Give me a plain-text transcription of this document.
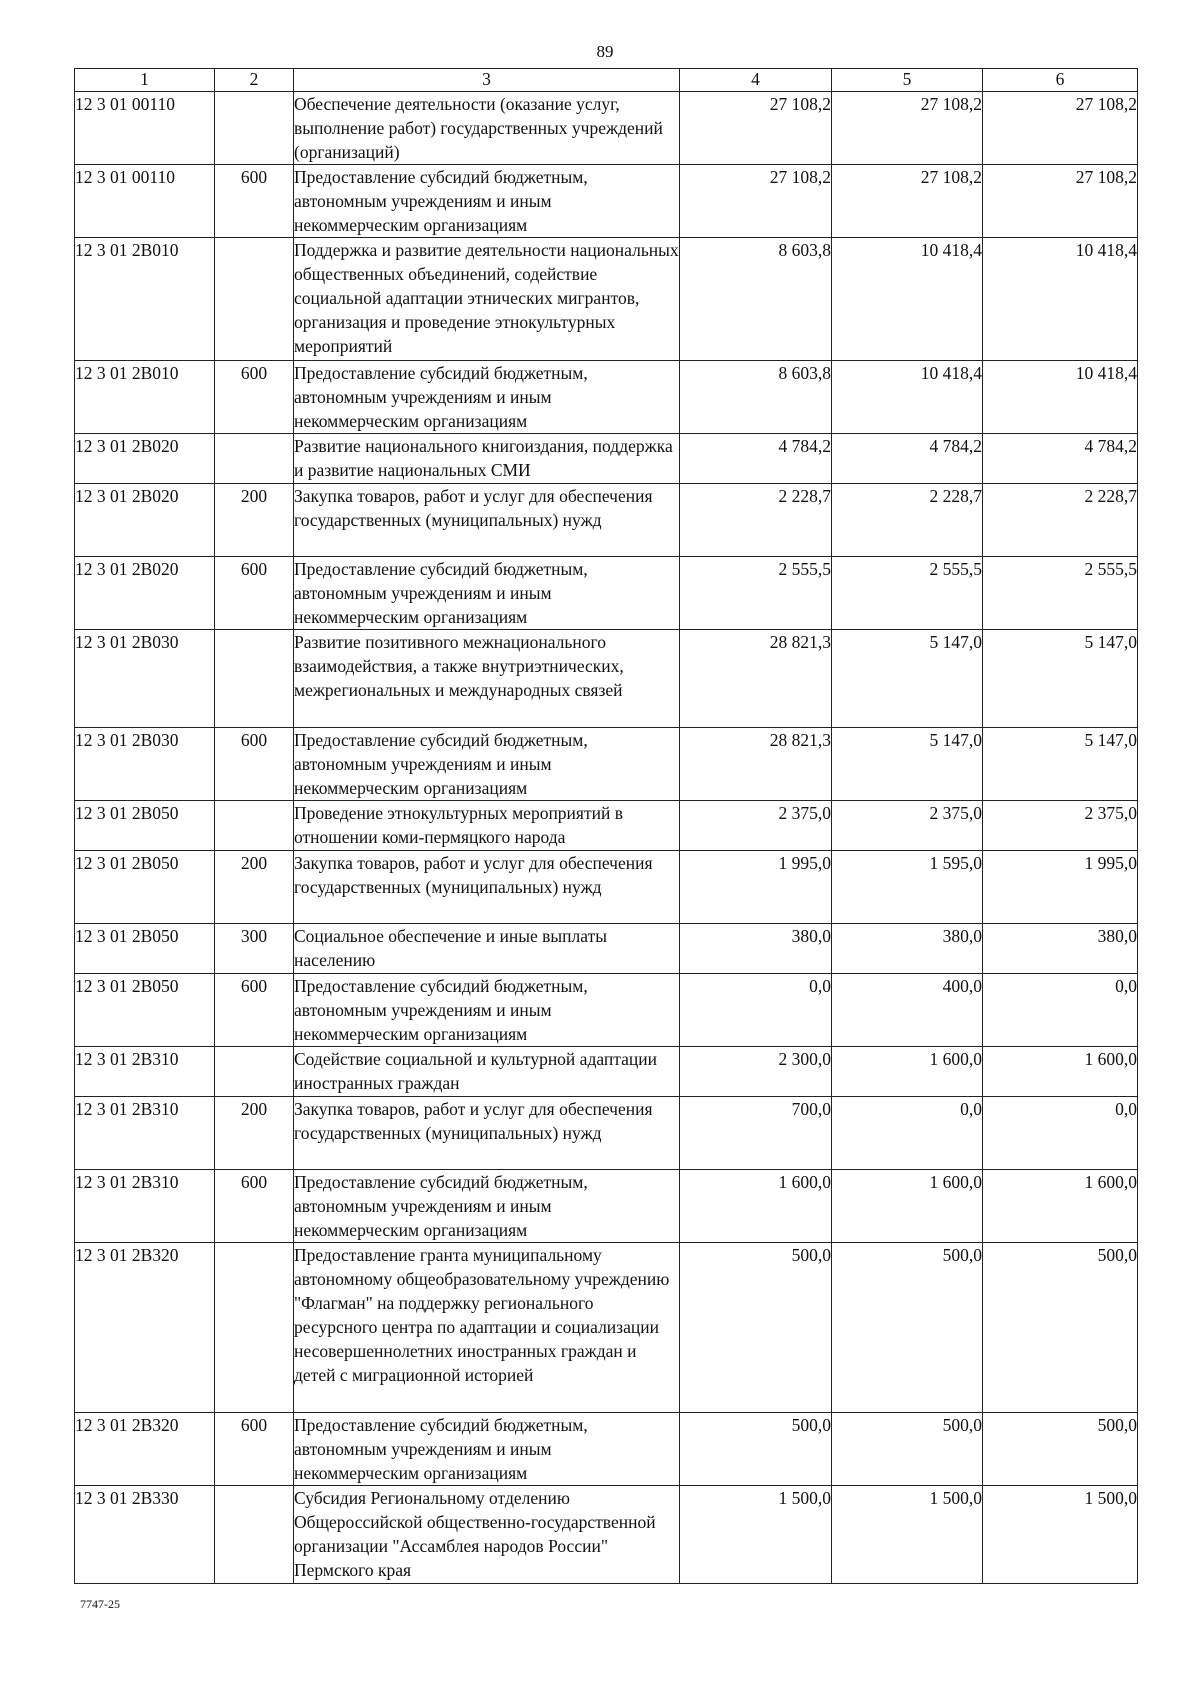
89
1	2	3	4	5	6
12 3 01 00110		Обеспечение деятельности (оказание услуг, выполнение работ) государственных учреждений (организаций)	27 108,2	27 108,2	27 108,2
12 3 01 00110	600	Предоставление субсидий бюджетным, автономным учреждениям и иным некоммерческим организациям	27 108,2	27 108,2	27 108,2
12 3 01 2В010		Поддержка и развитие деятельности национальных общественных объединений, содействие социальной адаптации этнических мигрантов, организация и проведение этнокультурных мероприятий	8 603,8	10 418,4	10 418,4
12 3 01 2В010	600	Предоставление субсидий бюджетным, автономным учреждениям и иным некоммерческим организациям	8 603,8	10 418,4	10 418,4
12 3 01 2В020		Развитие национального книгоиздания, поддержка и развитие национальных СМИ	4 784,2	4 784,2	4 784,2
12 3 01 2В020	200	Закупка товаров, работ и услуг для обеспечения государственных (муниципальных) нужд	2 228,7	2 228,7	2 228,7
12 3 01 2В020	600	Предоставление субсидий бюджетным, автономным учреждениям и иным некоммерческим организациям	2 555,5	2 555,5	2 555,5
12 3 01 2В030		Развитие позитивного межнационального взаимодействия, а также внутриэтнических, межрегиональных и международных связей	28 821,3	5 147,0	5 147,0
12 3 01 2В030	600	Предоставление субсидий бюджетным, автономным учреждениям и иным некоммерческим организациям	28 821,3	5 147,0	5 147,0
12 3 01 2В050		Проведение этнокультурных мероприятий в отношении коми-пермяцкого народа	2 375,0	2 375,0	2 375,0
12 3 01 2В050	200	Закупка товаров, работ и услуг для обеспечения государственных (муниципальных) нужд	1 995,0	1 595,0	1 995,0
12 3 01 2В050	300	Социальное обеспечение и иные выплаты населению	380,0	380,0	380,0
12 3 01 2В050	600	Предоставление субсидий бюджетным, автономным учреждениям и иным некоммерческим организациям	0,0	400,0	0,0
12 3 01 2В310		Содействие социальной и культурной адаптации иностранных граждан	2 300,0	1 600,0	1 600,0
12 3 01 2В310	200	Закупка товаров, работ и услуг для обеспечения государственных (муниципальных) нужд	700,0	0,0	0,0
12 3 01 2В310	600	Предоставление субсидий бюджетным, автономным учреждениям и иным некоммерческим организациям	1 600,0	1 600,0	1 600,0
12 3 01 2В320		Предоставление гранта муниципальному автономному общеобразовательному учреждению "Флагман" на поддержку регионального ресурсного центра по адаптации и социализации несовершеннолетних иностранных граждан и детей с миграционной историей	500,0	500,0	500,0
12 3 01 2В320	600	Предоставление субсидий бюджетным, автономным учреждениям и иным некоммерческим организациям	500,0	500,0	500,0
12 3 01 2В330		Субсидия Региональному отделению Общероссийской общественно-государственной организации "Ассамблея народов России" Пермского края	1 500,0	1 500,0	1 500,0
7747-25
